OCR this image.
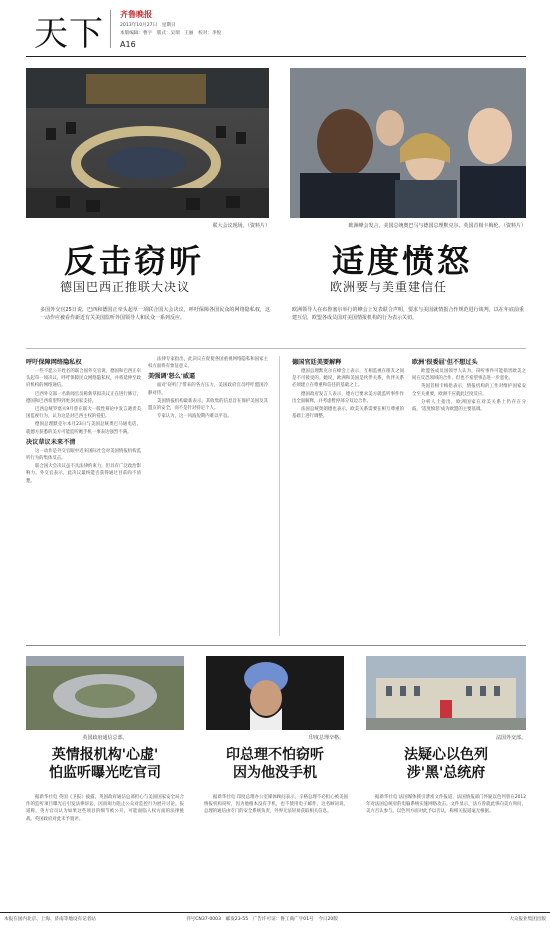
天下 齐鲁晚报
2013年10月27日　星期日
本版编辑：曹宇　版式：吴瑞　王丽　校对：李悦
A16
联大会议现场。（资料片）	欧洲峰会发言，美国总统奥巴马与德国总理默克尔、英国首相卡梅伦。（资料片）
反击窃听
德国巴西正推联大决议
适度愤怒
欧洲要与美重建信任
多国外交官25日说，巴西和德国正牵头起草一项联合国大会决议，呼吁保障各国民众的网络隐私权，这一动作应被看作新近有关美国监听外国领导人和民众一系列反应。
欧洲领导人在布鲁塞尔举行的峰会上发表联合声明，要求与美国就情报合作规范进行谈判，以在年底前重建互信，欧盟各成员国对美国情报机构的行为表示关切。
呼吁保障网络隐私权

一些不愿公开姓名的联合国外交官说，德国和巴西正牵头起草一项决议，呼吁保障民众网络隐私权，并将延伸至政府机构的网络通信。

巴西外交部一名新闻官员称新草拟决议正在进行修订，德国和巴西希望得到更多国家支持。

巴西总统罗塞夫9月曾在联大一般性辩论中发言谴责美国监视行为，认为这是对巴西主权的侵犯。

德国总理默克尔本月23日与美国总统奥巴马通电话，就德方获悉的美方可能监听她手机一事表达强烈不满。

决议草议未来不清

这一动作是外交官眼中近来国际社会对美国情报机构监听行为的集体反击。

联合国大会决议虽不具法律约束力，但具有广泛政治影响力。外交官表示，此决议最终能否获得通过目前尚不清楚。

法律专家指出，此决议在促使各国重视网络隐私和国家主权方面将有象征意义。

美强调'怒么'威逼

面对'窃听门'带来的各方压力，美国政府官员呼吁盟国冷静对待。

美国情报机构最新表示，其收集的信息旨在保护美国及其盟友的安全，而不是针对特定个人。

专家认为，这一风波短期内难以平息。

德国官廷美要解释

德国总理默克尔在峰会上表示，互相监视在朋友之间是不可接受的。她说，欧洲和美国是伙伴关系，伙伴关系必须建立在尊重和信任的基础之上。

德国政府发言人表示，德方已要求美方就监听事件作出全面解释，并考虑暂停部分双边合作。

法国总统奥朗德也表示，欧美关系需要在相互尊重的基础上进行调整。

欧洲'很委屈'但不想过头

欧盟各成员国领导人认为，窃听事件可能损害欧美之间在反恐领域的合作，但也不希望事态进一步恶化。

英国首相卡梅伦表示，情报机构的工作对维护国家安全至关重要，欧洲不应就此过度反应。

分析人士指出，欧洲国家在对美关系上仍存在分歧，'适度愤怒'成为欧盟的主要基调。

英国政府通信总部。	印度总理辛格。	法国外交部。
英情报机构'心虚'
怕监听曝光吃官司
印总理不怕窃听
因为他没手机
法疑心以色列
涉'黑'总统府

据新华社电 英国《卫报》披露，英国政府通信总部担心与美国国家安全局合作的监听项目曝光后引发法律诉讼，因而竭力阻止公众对监控行为展开讨论。报道称，英方官员认为如果这些项目的细节被公开，可能面临人权方面的法律挑战。英国政府对此未予置评。

据新华社电 印度总理办公室媒体顾问表示，辛格总理不必担心被美国情报机构窃听，因为他根本没有手机，也不使用电子邮件。这名顾问说，总理的通信由专门的安全系统负责，外界无法轻易获取相关信息。

据新华社电 法国媒体援引泄密文件报道，法国情报部门怀疑以色列曾在2012年对法国总统府的电脑系统实施网络攻击。文件显示，法方曾就此事向美方询问，美方否认参与。以色列方面对此予以否认，称相关报道毫无根据。

本报在国内北京、上海、济南等地设有记者站	刊号CN37-0003　邮发23-55　广告许可证：鲁工商广字01号　今日20版	大众报业集团出版
